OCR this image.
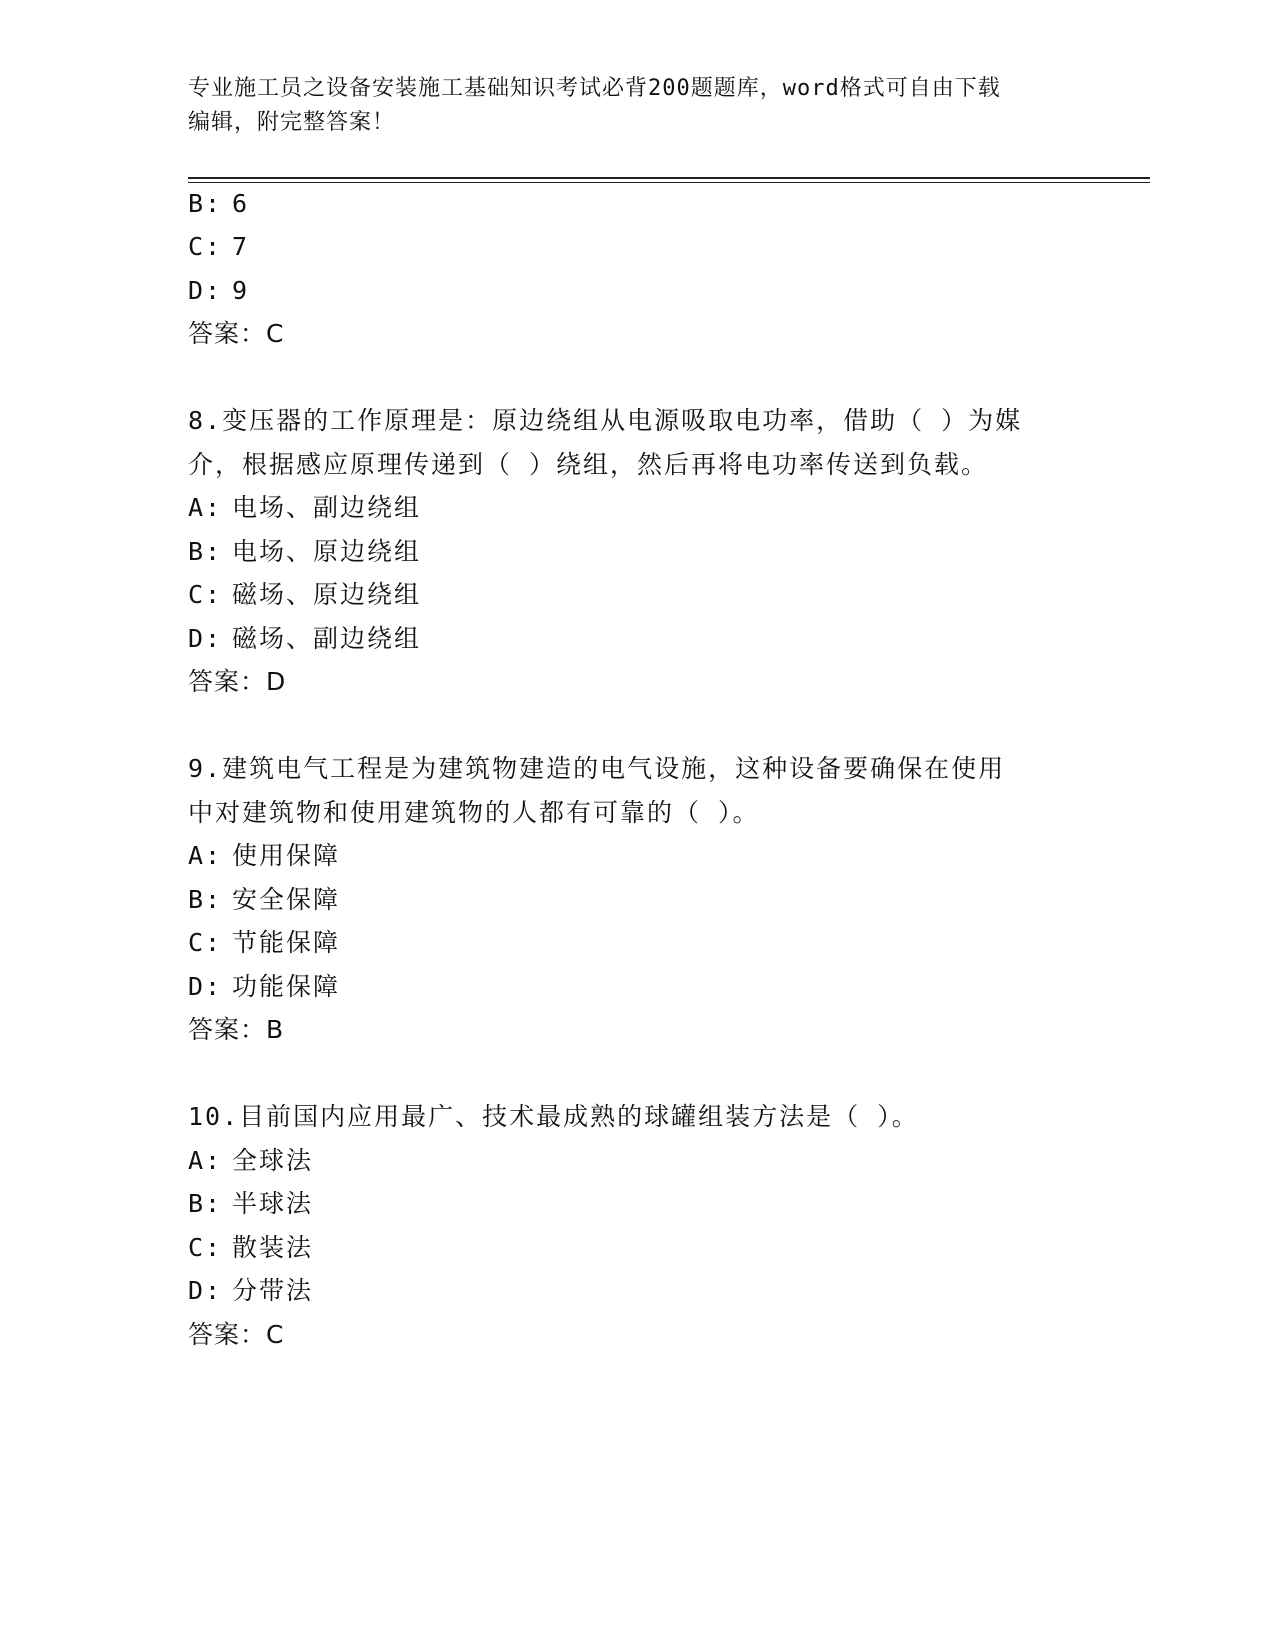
专业施工员之设备安装施工基础知识考试必背200题题库，word格式可自由下载
编辑，附完整答案！
B: 6
C: 7
D: 9
答案：C
8.变压器的工作原理是：原边绕组从电源吸取电功率，借助（ ）为媒
介，根据感应原理传递到（ ）绕组，然后再将电功率传送到负载。
A: 电场、副边绕组
B: 电场、原边绕组
C: 磁场、原边绕组
D: 磁场、副边绕组
答案：D
9.建筑电气工程是为建筑物建造的电气设施，这种设备要确保在使用
中对建筑物和使用建筑物的人都有可靠的（ ）。
A: 使用保障
B: 安全保障
C: 节能保障
D: 功能保障
答案：B
10.目前国内应用最广、技术最成熟的球罐组装方法是（ ）。
A: 全球法
B: 半球法
C: 散装法
D: 分带法
答案：C
